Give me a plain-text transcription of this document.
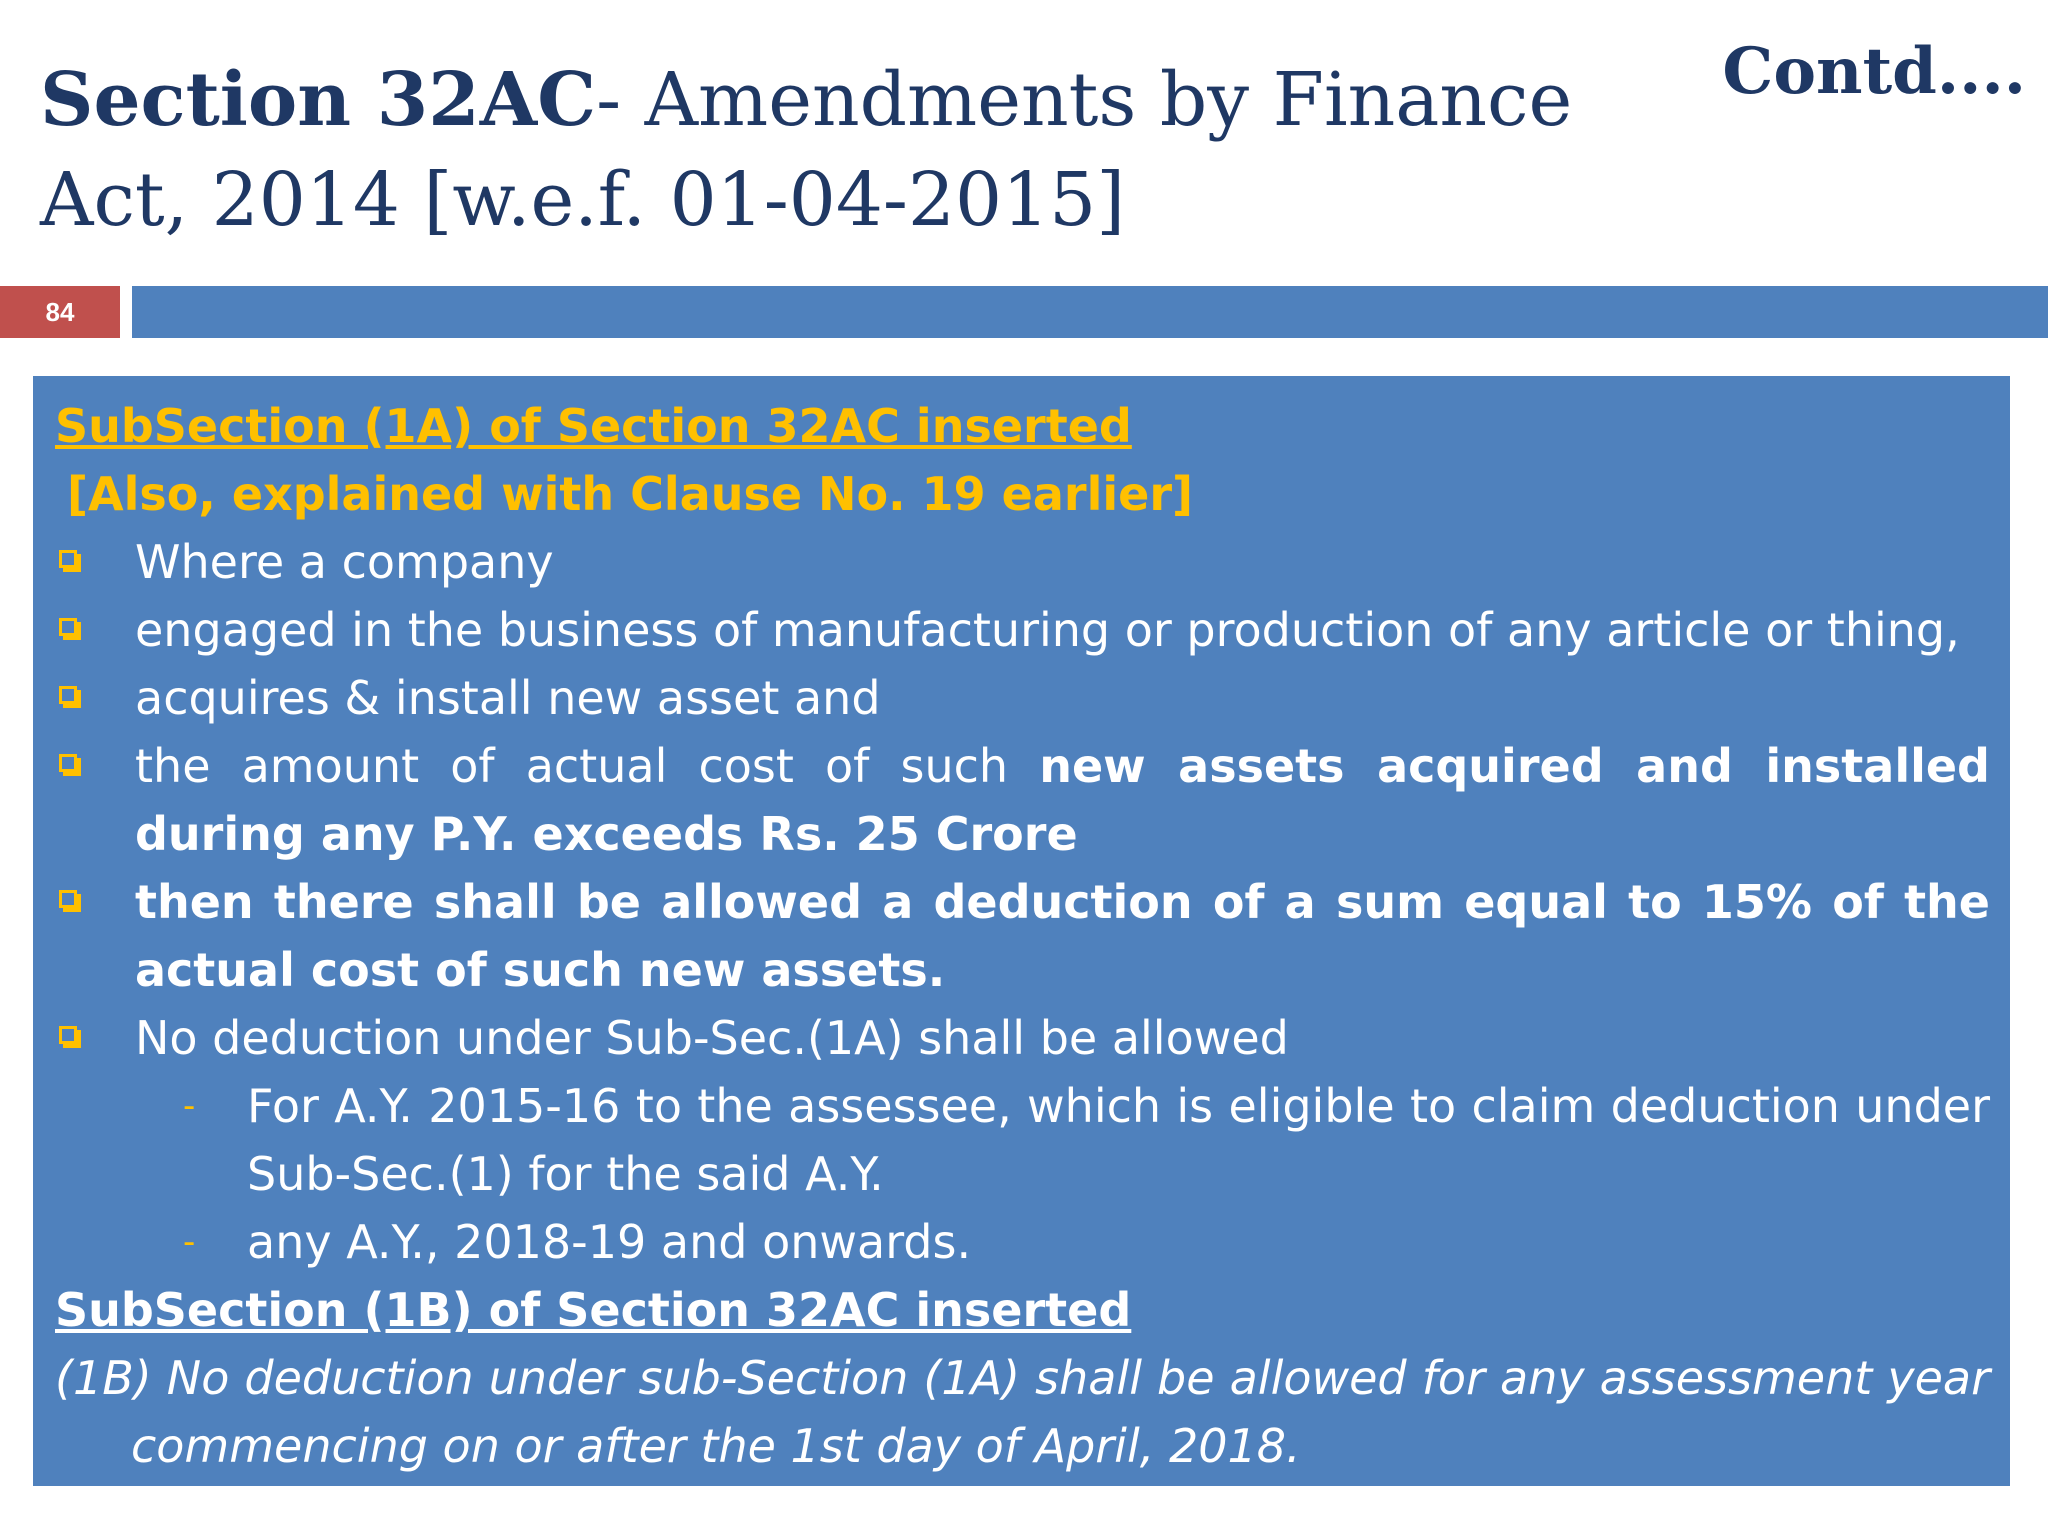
Section 32AC- Amendments by Finance Act, 2014 [w.e.f. 01-04-2015]
Contd....
84
SubSection (1A) of Section 32AC inserted
[Also, explained with Clause No. 19 earlier]
Where a company
engaged in the business of manufacturing or production of any article or thing,
acquires & install new asset and
the amount of actual cost of such new assets acquired and installed during any P.Y. exceeds Rs. 25 Crore
then there shall be allowed a deduction of a sum equal to 15% of the actual cost of such new assets.
No deduction under Sub-Sec.(1A) shall be allowed
- For A.Y. 2015-16 to the assessee, which is eligible to claim deduction under Sub-Sec.(1) for the said A.Y.
- any A.Y., 2018-19 and onwards.
SubSection (1B) of Section 32AC inserted
(1B) No deduction under sub-Section (1A) shall be allowed for any assessment year commencing on or after the 1st day of April, 2018.
